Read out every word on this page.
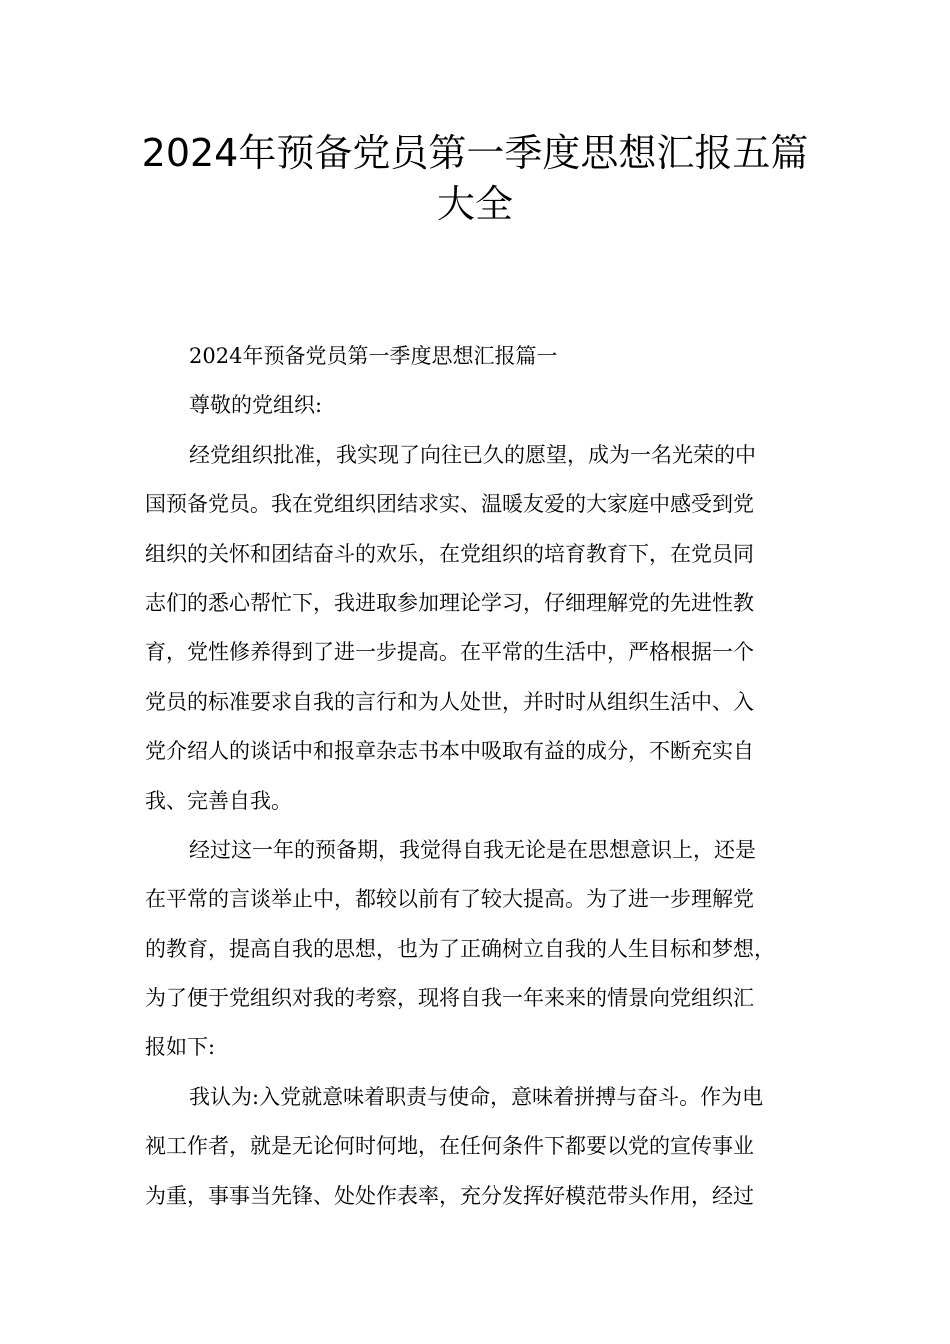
2024年预备党员第一季度思想汇报五篇
大全
2024年预备党员第一季度思想汇报篇一
尊敬的党组织:
经党组织批准，我实现了向往已久的愿望，成为一名光荣的中
国预备党员。我在党组织团结求实、温暖友爱的大家庭中感受到党
组织的关怀和团结奋斗的欢乐，在党组织的培育教育下，在党员同
志们的悉心帮忙下，我进取参加理论学习，仔细理解党的先进性教
育，党性修养得到了进一步提高。在平常的生活中，严格根据一个
党员的标准要求自我的言行和为人处世，并时时从组织生活中、入
党介绍人的谈话中和报章杂志书本中吸取有益的成分，不断充实自
我、完善自我。
经过这一年的预备期，我觉得自我无论是在思想意识上，还是
在平常的言谈举止中，都较以前有了较大提高。为了进一步理解党
的教育，提高自我的思想，也为了正确树立自我的人生目标和梦想，
为了便于党组织对我的考察，现将自我一年来来的情景向党组织汇
报如下:
我认为:入党就意味着职责与使命，意味着拼搏与奋斗。作为电
视工作者，就是无论何时何地，在任何条件下都要以党的宣传事业
为重，事事当先锋、处处作表率，充分发挥好模范带头作用，经过
